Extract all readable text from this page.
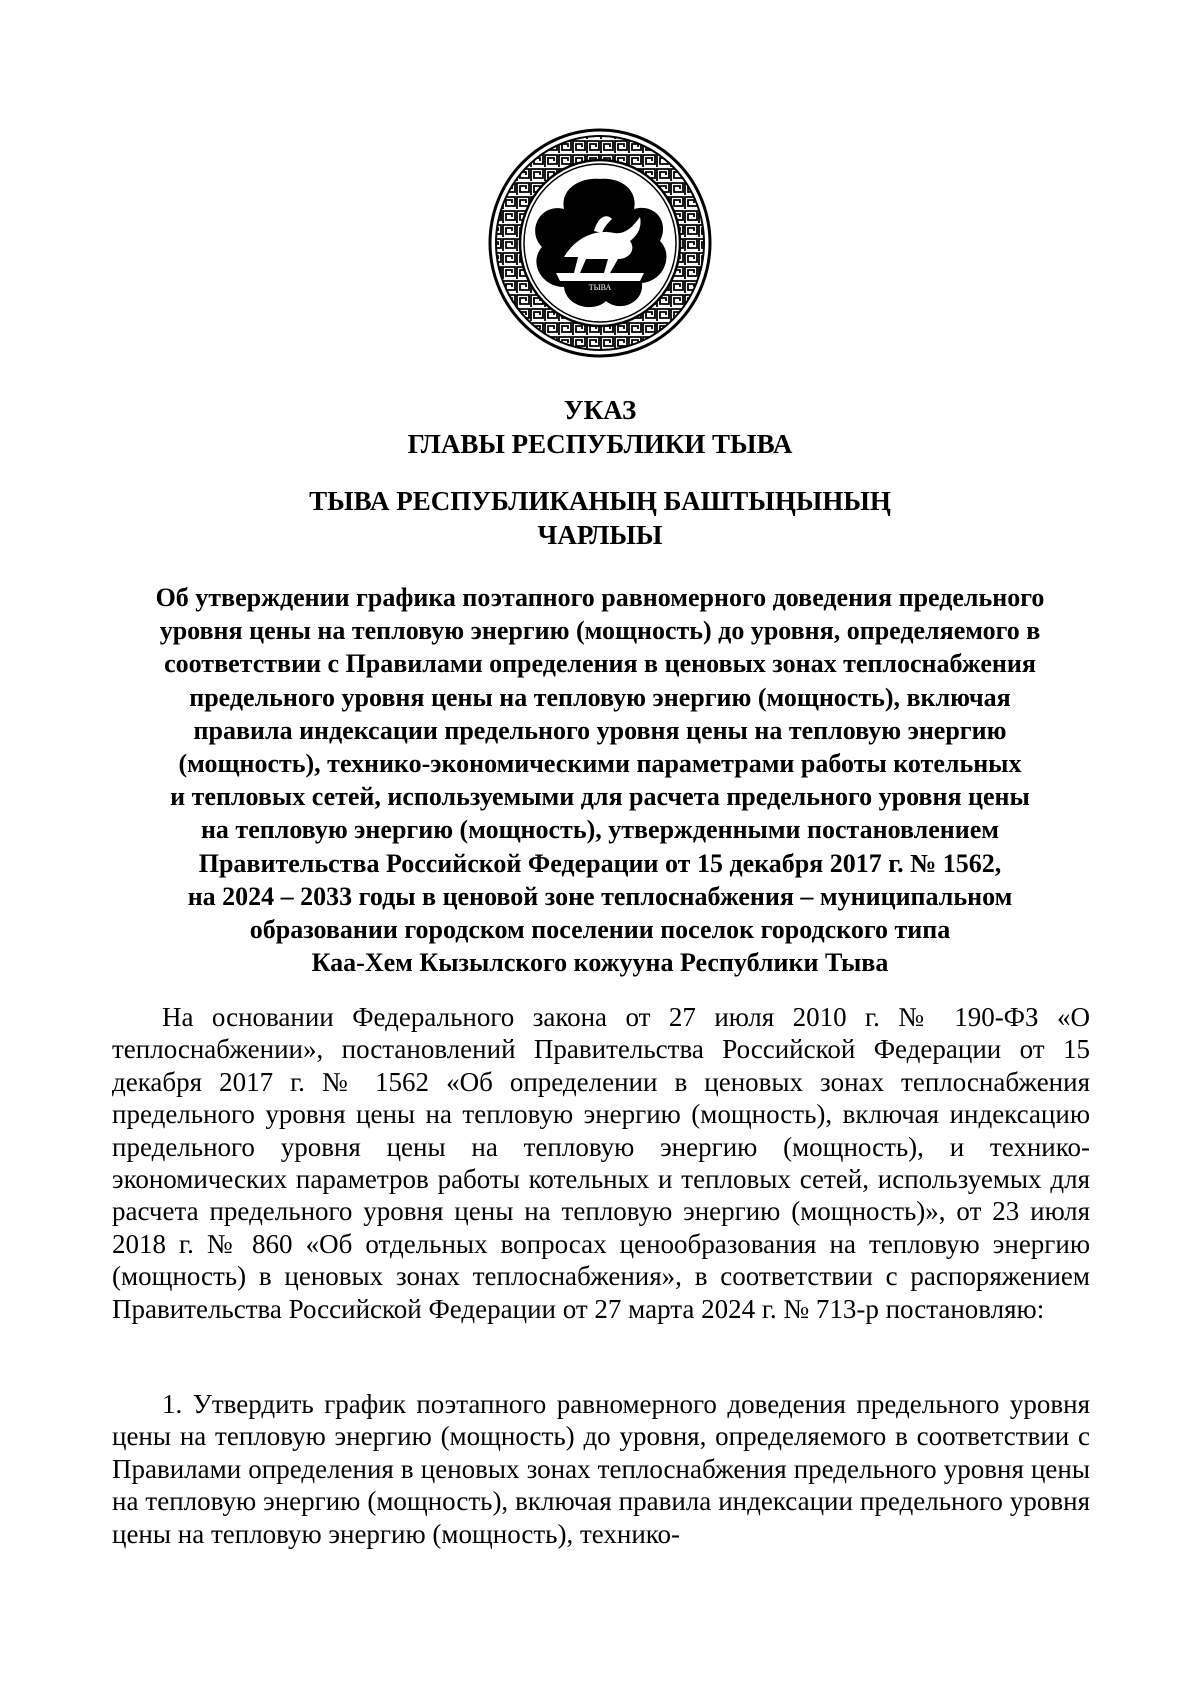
ТЫВА
УКАЗ
ГЛАВЫ РЕСПУБЛИКИ ТЫВА
ТЫВА РЕСПУБЛИКАНЫҢ БАШТЫҢЫНЫҢ
ЧАРЛЫЫ
Об утверждении графика поэтапного равномерного доведения предельного
уровня цены на тепловую энергию (мощность) до уровня, определяемого в
соответствии с Правилами определения в ценовых зонах теплоснабжения
предельного уровня цены на тепловую энергию (мощность), включая
правила индексации предельного уровня цены на тепловую энергию
(мощность), технико-экономическими параметрами работы котельных
и тепловых сетей, используемыми для расчета предельного уровня цены
на тепловую энергию (мощность), утвержденными постановлением
Правительства Российской Федерации от 15 декабря 2017 г. № 1562,
на 2024 – 2033 годы в ценовой зоне теплоснабжения – муниципальном
образовании городском поселении поселок городского типа
Каа-Хем Кызылского кожууна Республики Тыва
На основании Федерального закона от 27 июля 2010 г. № 190-ФЗ «О теплоснабжении», постановлений Правительства Российской Федерации от 15 декабря 2017 г. № 1562 «Об определении в ценовых зонах теплоснабжения предельного уровня цены на тепловую энергию (мощность), включая индексацию предельного уровня цены на тепловую энергию (мощность), и технико-экономических параметров работы котельных и тепловых сетей, используемых для расчета предельного уровня цены на тепловую энергию (мощность)», от 23 июля 2018 г. № 860 «Об отдельных вопросах ценообразования на тепловую энергию (мощность) в ценовых зонах теплоснабжения», в соответствии с распоряжением Правительства Российской Федерации от 27 марта 2024 г. № 713-р постановляю:
1. Утвердить график поэтапного равномерного доведения предельного уровня цены на тепловую энергию (мощность) до уровня, определяемого в соответствии с Правилами определения в ценовых зонах теплоснабжения предельного уровня цены на тепловую энергию (мощность), включая правила индексации предельного уровня цены на тепловую энергию (мощность), технико-
